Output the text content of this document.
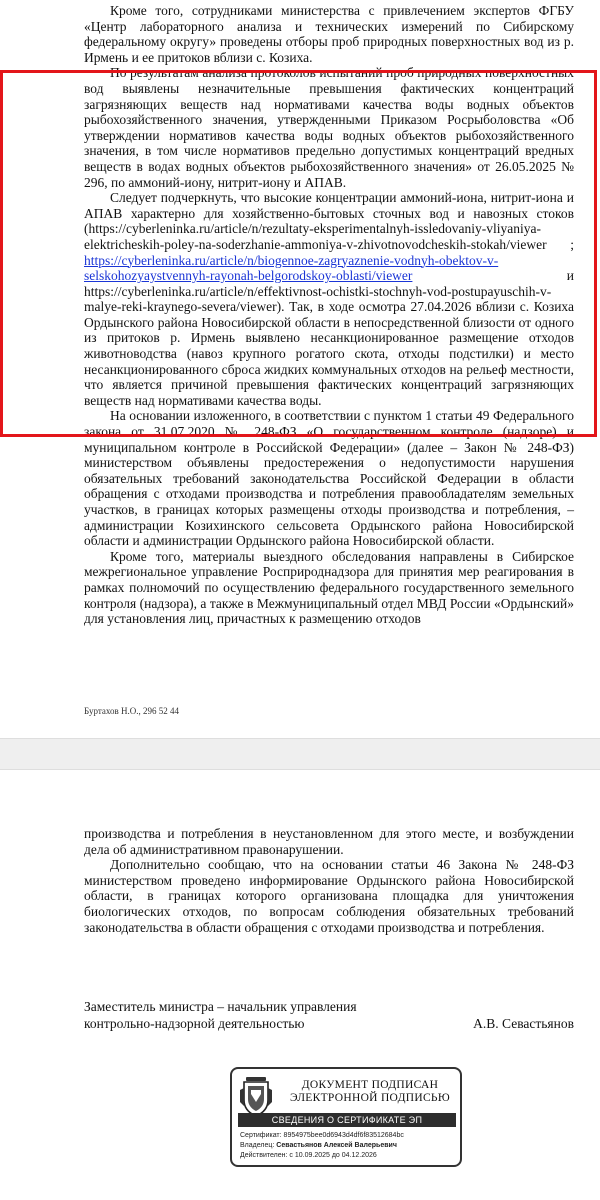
Кроме того, сотрудниками министерства с привлечением экспертов ФГБУ «Центр лабораторного анализа и технических измерений по Сибирскому федеральному округу» проведены отборы проб природных поверхностных вод из р. Ирмень и ее притоков вблизи с. Козиха.

По результатам анализа протоколов испытаний проб природных поверхностных вод выявлены незначительные превышения фактических концентраций загрязняющих веществ над нормативами качества воды водных объектов рыбохозяйственного значения, утвержденными Приказом Росрыболовства «Об утверждении нормативов качества воды водных объектов рыбохозяйственного значения, в том числе нормативов предельно допустимых концентраций вредных веществ в водах водных объектов рыбохозяйственного значения» от 26.05.2025 № 296, по аммоний-иону, нитрит-иону и АПАВ.

Следует подчеркнуть, что высокие концентрации аммоний-иона, нитрит-иона и АПАВ характерно для хозяйственно-бытовых сточных вод и навозных стоков (https://cyberleninka.ru/article/n/rezultaty-eksperimentalnyh-issledovaniy-vliyaniya-elektricheskih-poley-na-soderzhanie-ammoniya-v-zhivotnovodcheskih-stokah/viewer ; https://cyberleninka.ru/article/n/biogennoe-zagryaznenie-vodnyh-obektov-v-selskohozyaystvennyh-rayonah-belgorodskoy-oblasti/viewer и https://cyberleninka.ru/article/n/effektivnost-ochistki-stochnyh-vod-postupayuschih-v-malye-reki-kraynego-severa/viewer). Так, в ходе осмотра 27.04.2026 вблизи с. Козиха Ордынского района Новосибирской области в непосредственной близости от одного из притоков р. Ирмень выявлено несанкционированное размещение отходов животноводства (навоз крупного рогатого скота, отходы подстилки) и место несанкционированного сброса жидких коммунальных отходов на рельеф местности, что является причиной превышения фактических концентраций загрязняющих веществ над нормативами качества воды.

На основании изложенного, в соответствии с пунктом 1 статьи 49 Федерального закона от 31.07.2020 № 248-ФЗ «О государственном контроле (надзоре) и муниципальном контроле в Российской Федерации» (далее – Закон № 248-ФЗ) министерством объявлены предостережения о недопустимости нарушения обязательных требований законодательства Российской Федерации в области обращения с отходами производства и потребления правообладателям земельных участков, в границах которых размещены отходы производства и потребления, – администрации Козихинского сельсовета Ордынского района Новосибирской области и администрации Ордынского района Новосибирской области.

Кроме того, материалы выездного обследования направлены в Сибирское межрегиональное управление Росприроднадзора для принятия мер реагирования в рамках полномочий по осуществлению федерального государственного земельного контроля (надзора), а также в Межмуниципальный отдел МВД России «Ордынский» для установления лиц, причастных к размещению отходов

Буртахов Н.О., 296 52 44

производства и потребления в неустановленном для этого месте, и возбуждении дела об административном правонарушении.

Дополнительно сообщаю, что на основании статьи 46 Закона № 248-ФЗ министерством проведено информирование Ордынского района Новосибирской области, в границах которого организована площадка для уничтожения биологических отходов, по вопросам соблюдения обязательных требований законодательства в области обращения с отходами производства и потребления.

Заместитель министра – начальник управления
контрольно-надзорной деятельностью	А.В. Севастьянов
ДОКУМЕНТ ПОДПИСАН
ЭЛЕКТРОННОЙ ПОДПИСЬЮ
СВЕДЕНИЯ О СЕРТИФИКАТЕ ЭП
Сертификат: 8954975bee0d6943d4df6f83512684bc
Владелец: Севастьянов Алексей Валерьевич
Действителен: с 10.09.2025 до 04.12.2026
